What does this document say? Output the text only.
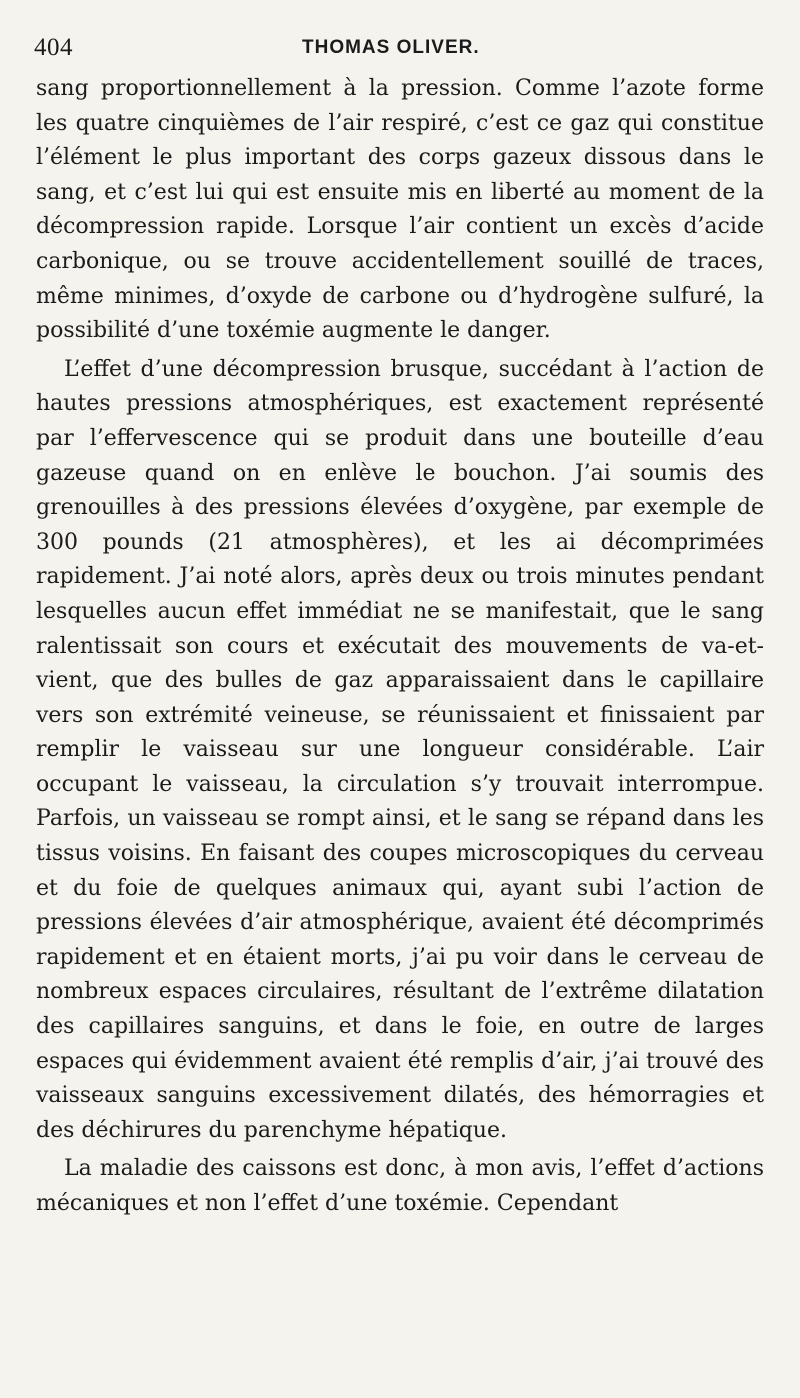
404	THOMAS OLIVER.

sang proportionnellement à la pression. Comme l’azote forme les quatre cinquièmes de l’air respiré, c’est ce gaz qui constitue l’élément le plus important des corps gazeux dissous dans le sang, et c’est lui qui est ensuite mis en liberté au moment de la décompression rapide. Lorsque l’air contient un excès d’acide carbonique, ou se trouve accidentellement souillé de traces, même minimes, d’oxyde de carbone ou d’hydrogène sulfuré, la possibilité d’une toxémie augmente le danger.

L’effet d’une décompression brusque, succédant à l’action de hautes pressions atmosphériques, est exactement représenté par l’effervescence qui se produit dans une bouteille d’eau gazeuse quand on en enlève le bouchon. J’ai soumis des grenouilles à des pressions élevées d’oxygène, par exemple de 300 pounds (21 atmosphères), et les ai décomprimées rapidement. J’ai noté alors, après deux ou trois minutes pendant lesquelles aucun effet immédiat ne se manifestait, que le sang ralentissait son cours et exécutait des mouvements de va-et-vient, que des bulles de gaz apparaissaient dans le capillaire vers son extrémité veineuse, se réunissaient et finissaient par remplir le vaisseau sur une longueur considérable. L’air occupant le vaisseau, la circulation s’y trouvait interrompue. Parfois, un vaisseau se rompt ainsi, et le sang se répand dans les tissus voisins. En faisant des coupes microscopiques du cerveau et du foie de quelques animaux qui, ayant subi l’action de pressions élevées d’air atmosphérique, avaient été décomprimés rapidement et en étaient morts, j’ai pu voir dans le cerveau de nombreux espaces circulaires, résultant de l’extrême dilatation des capillaires sanguins, et dans le foie, en outre de larges espaces qui évidemment avaient été remplis d’air, j’ai trouvé des vaisseaux sanguins excessivement dilatés, des hémorragies et des déchirures du parenchyme hépatique.

La maladie des caissons est donc, à mon avis, l’effet d’actions mécaniques et non l’effet d’une toxémie. Cependant
